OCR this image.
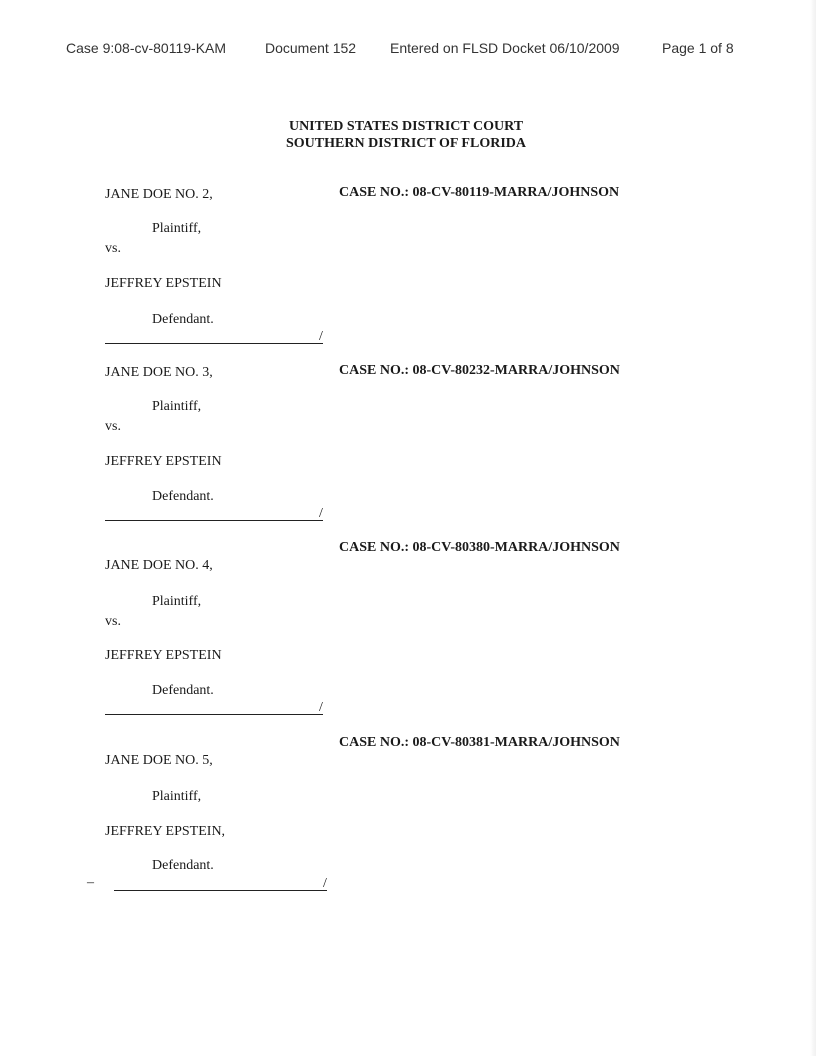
Case 9:08-cv-80119-KAM	Document 152 Entered on FLSD Docket 06/10/2009	Page 1 of 8
UNITED STATES DISTRICT COURT
SOUTHERN DISTRICT OF FLORIDA
JANE DOE NO. 2,	CASE NO.: 08-CV-80119-MARRA/JOHNSON
Plaintiff,
vs.
JEFFREY EPSTEIN
Defendant.
/
JANE DOE NO. 3,	CASE NO.: 08-CV-80232-MARRA/JOHNSON
Plaintiff,
vs.
JEFFREY EPSTEIN
Defendant.
/
CASE NO.: 08-CV-80380-MARRA/JOHNSON
JANE DOE NO. 4,
Plaintiff,
vs.
JEFFREY EPSTEIN
Defendant.
/
CASE NO.: 08-CV-80381-MARRA/JOHNSON
JANE DOE NO. 5,
Plaintiff,
JEFFREY EPSTEIN,
Defendant.
–	/
